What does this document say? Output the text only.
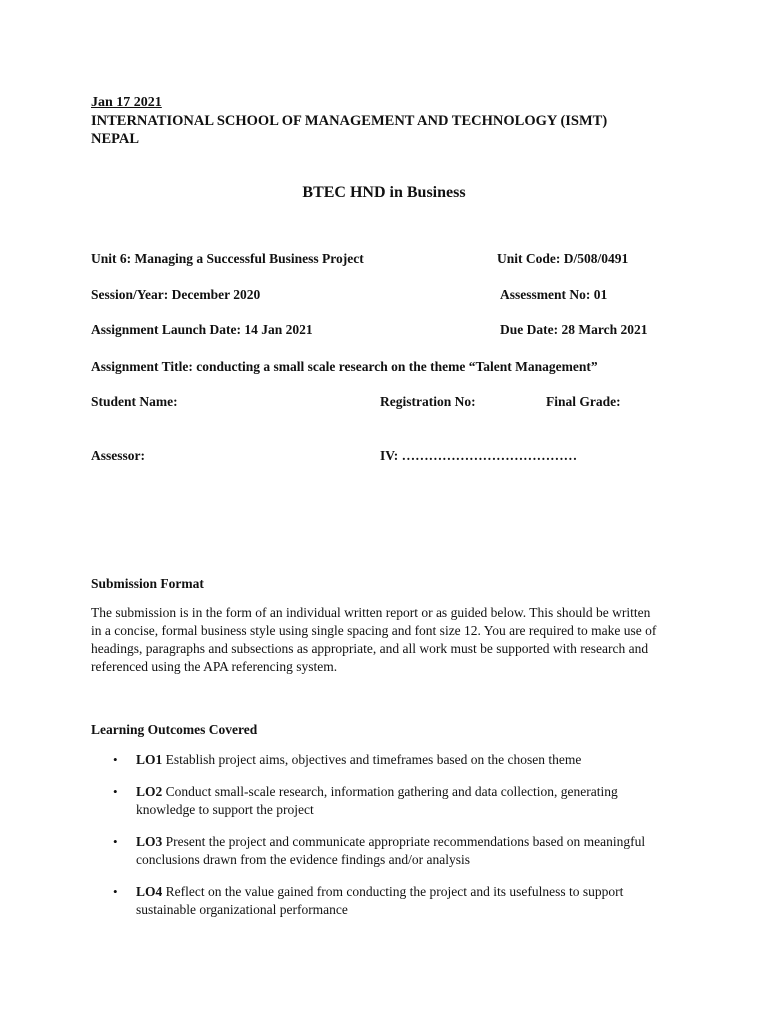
Jan 17 2021
INTERNATIONAL SCHOOL OF MANAGEMENT AND TECHNOLOGY (ISMT)
NEPAL
BTEC HND in Business
Unit 6: Managing a Successful Business Project	Unit Code: D/508/0491
Session/Year: December 2020	Assessment No: 01
Assignment Launch Date: 14 Jan 2021	Due Date: 28 March 2021
Assignment Title: conducting a small scale research on the theme “Talent Management”
Student Name:	Registration No:	Final Grade:
Assessor:	IV: …………………………………
Submission Format
The submission is in the form of an individual written report or as guided below. This should be written in a concise, formal business style using single spacing and font size 12. You are required to make use of headings, paragraphs and subsections as appropriate, and all work must be supported with research and referenced using the APA referencing system.
Learning Outcomes Covered
• LO1 Establish project aims, objectives and timeframes based on the chosen theme
• LO2 Conduct small-scale research, information gathering and data collection, generating knowledge to support the project
• LO3 Present the project and communicate appropriate recommendations based on meaningful conclusions drawn from the evidence findings and/or analysis
• LO4 Reflect on the value gained from conducting the project and its usefulness to support sustainable organizational performance
